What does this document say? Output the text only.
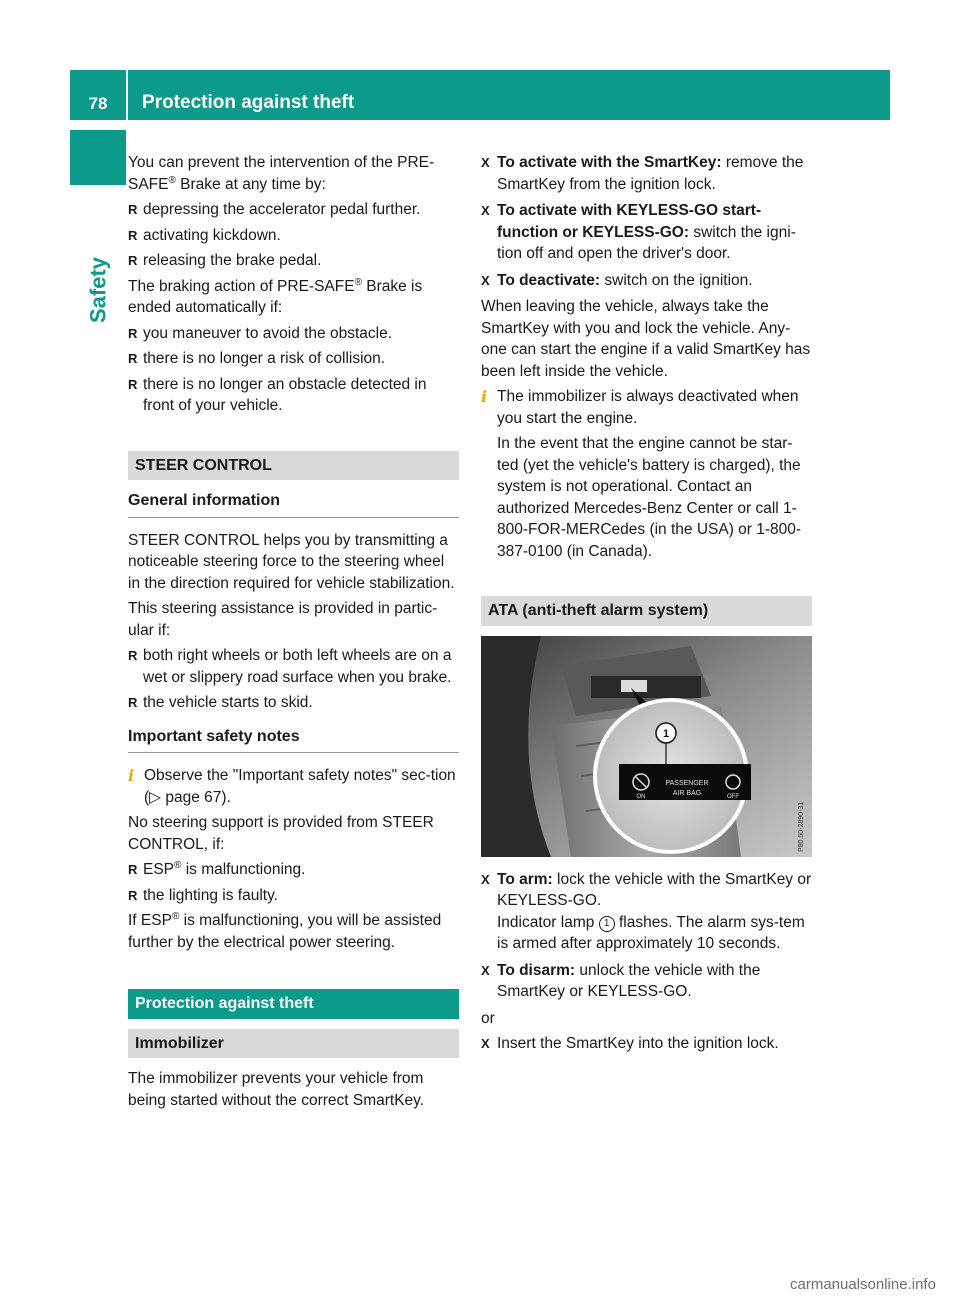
78	Protection against theft
Safety

You can prevent the intervention of the PRE-SAFE® Brake at any time by:

R depressing the accelerator pedal further.
R activating kickdown.
R releasing the brake pedal.

The braking action of PRE-SAFE® Brake is ended automatically if:

R you maneuver to avoid the obstacle.
R there is no longer a risk of collision.
R there is no longer an obstacle detected in front of your vehicle.
STEER CONTROL
General information

STEER CONTROL helps you by transmitting a noticeable steering force to the steering wheel in the direction required for vehicle stabilization.

This steering assistance is provided in partic-ular if:

R both right wheels or both left wheels are on a wet or slippery road surface when you brake.
R the vehicle starts to skid.
Important safety notes
i Observe the "Important safety notes" sec-tion (▷ page 67).

No steering support is provided from STEER CONTROL, if:

R ESP® is malfunctioning.
R the lighting is faulty.

If ESP® is malfunctioning, you will be assisted further by the electrical power steering.

Protection against theft
Immobilizer

The immobilizer prevents your vehicle from being started without the correct SmartKey.

X To activate with the SmartKey: remove the SmartKey from the ignition lock.
X To activate with KEYLESS-GO start-function or KEYLESS-GO: switch the igni-tion off and open the driver's door.
X To deactivate: switch on the ignition.

When leaving the vehicle, always take the SmartKey with you and lock the vehicle. Any-one can start the engine if a valid SmartKey has been left inside the vehicle.

i The immobilizer is always deactivated when you start the engine.
In the event that the engine cannot be star-ted (yet the vehicle's battery is charged), the system is not operational. Contact an authorized Mercedes-Benz Center or call 1-800-FOR-MERCedes (in the USA) or 1-800-387-0100 (in Canada).
ATA (anti-theft alarm system)
1
PASSENGER
AIR BAG
ON	OFF
P80.50-2890-31
X To arm: lock the vehicle with the SmartKey or KEYLESS-GO.
Indicator lamp 1 flashes. The alarm sys-tem is armed after approximately 10 seconds.
X To disarm: unlock the vehicle with the SmartKey or KEYLESS-GO.

or

X Insert the SmartKey into the ignition lock.
carmanualsonline.info
